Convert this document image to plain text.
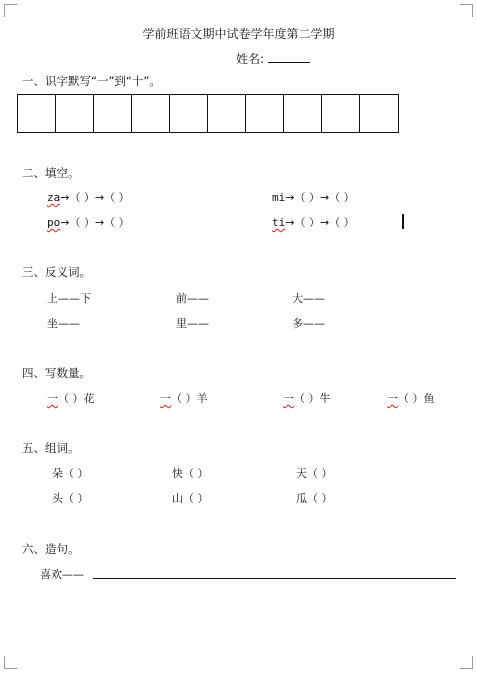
学前班语文期中试卷学年度第二学期
姓名:
一、识字默写“一”到“十”。
二、填空。
za→（ ）→（ ）	mi→（ ）→（ ）
po→（ ）→（ ）	ti→（ ）→（ ）
三、反义词。
上——下	前——	大——
坐——	里——	多——
四、写数量。
一（ ）花	一（ ）羊	一（ ）牛	一（ ）鱼
五、组词。
朵（ ）	快（ ）	天（ ）
头（ ）	山（ ）	瓜（ ）
六、造句。
喜欢——
